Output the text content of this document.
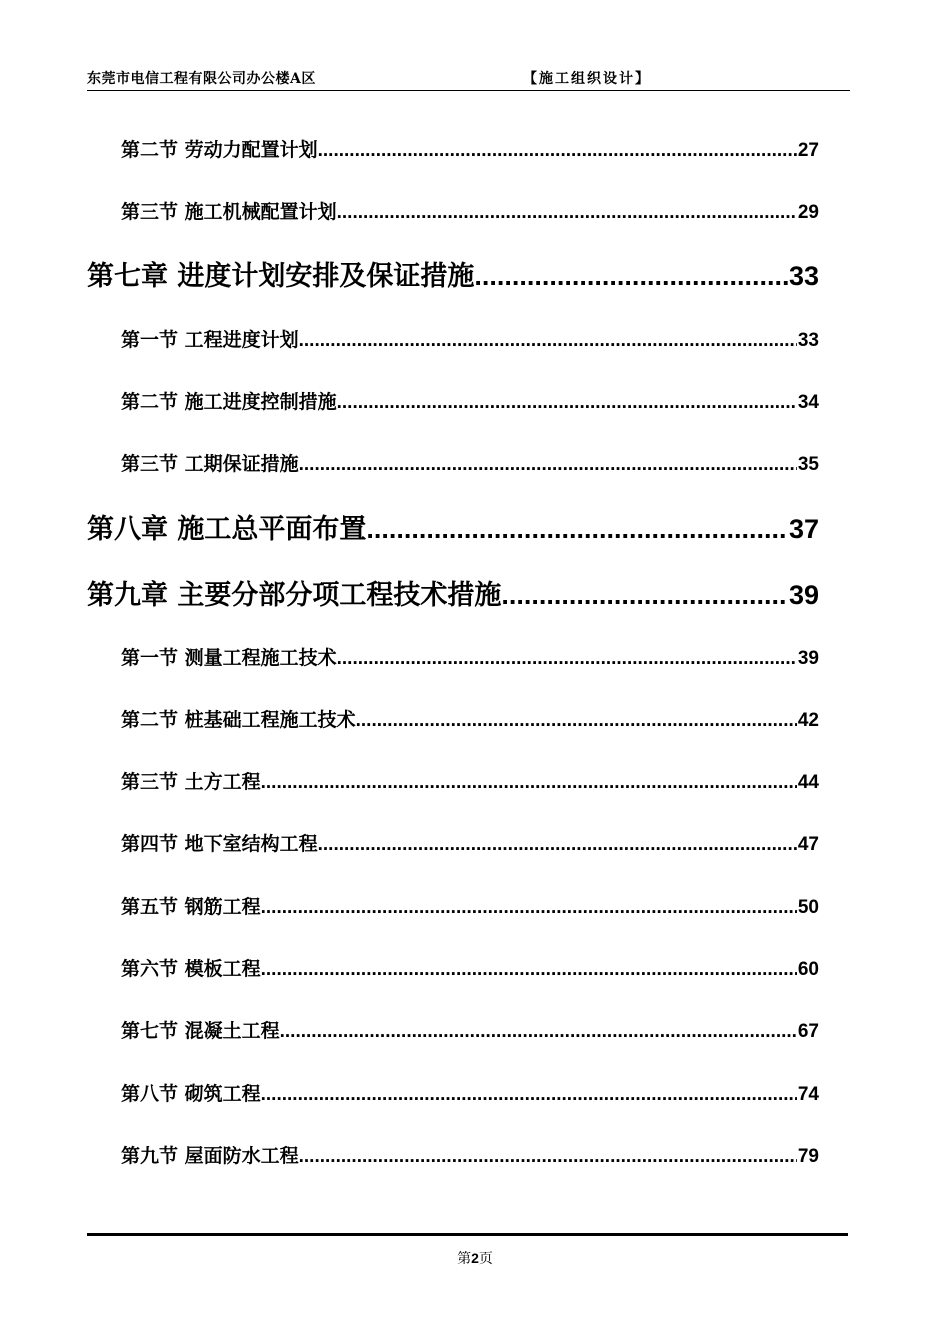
东莞市电信工程有限公司办公楼A区	【施工组织设计】
第二节 劳动力配置计划 .....	27
第三节 施工机械配置计划 .....	29
第七章 进度计划安排及保证措施 .....	33
第一节 工程进度计划 .....	33
第二节 施工进度控制措施 .....	34
第三节 工期保证措施 .....	35
第八章 施工总平面布置 .....	37
第九章 主要分部分项工程技术措施 .....	39
第一节 测量工程施工技术 .....	39
第二节 桩基础工程施工技术 .....	42
第三节 土方工程 .....	44
第四节 地下室结构工程 .....	47
第五节 钢筋工程 .....	50
第六节 模板工程 .....	60
第七节 混凝土工程 .....	67
第八节 砌筑工程 .....	74
第九节 屋面防水工程 .....	79
第2页
